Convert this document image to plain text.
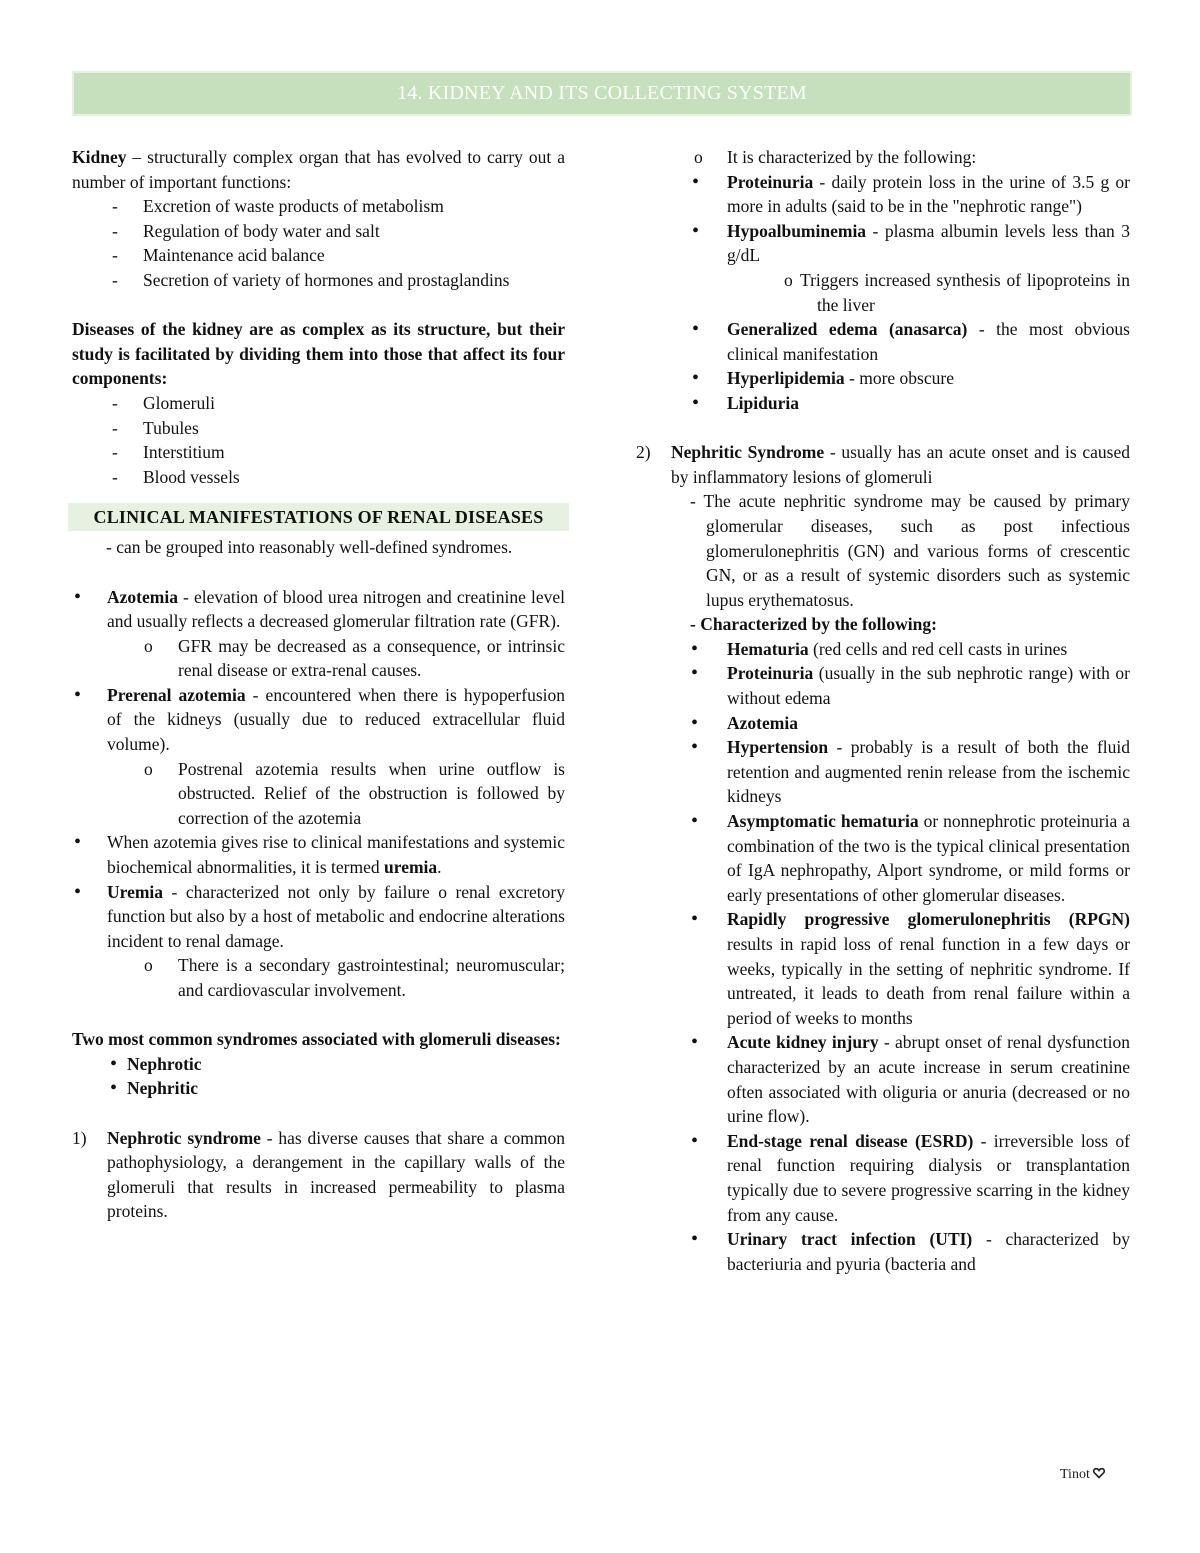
14. KIDNEY AND ITS COLLECTING SYSTEM

Kidney – structurally complex organ that has evolved to carry out a number of important functions:

- Excretion of waste products of metabolism
- Regulation of body water and salt
- Maintenance acid balance
- Secretion of variety of hormones and prostaglandins

Diseases of the kidney are as complex as its structure, but their study is facilitated by dividing them into those that affect its four components:

- Glomeruli
- Tubules
- Interstitium
- Blood vessels
CLINICAL MANIFESTATIONS OF RENAL DISEASES

- can be grouped into reasonably well-defined syndromes.

• Azotemia - elevation of blood urea nitrogen and creatinine level and usually reflects a decreased glomerular filtration rate (GFR).
o GFR may be decreased as a consequence, or intrinsic renal disease or extra-renal causes.
• Prerenal azotemia - encountered when there is hypoperfusion of the kidneys (usually due to reduced extracellular fluid volume).
o Postrenal azotemia results when urine outflow is obstructed. Relief of the obstruction is followed by correction of the azotemia
• When azotemia gives rise to clinical manifestations and systemic biochemical abnormalities, it is termed uremia.
• Uremia - characterized not only by failure o renal excretory function but also by a host of metabolic and endocrine alterations incident to renal damage.
o There is a secondary gastrointestinal; neuromuscular; and cardiovascular involvement.

Two most common syndromes associated with glomeruli diseases:

• Nephrotic
• Nephritic
1) Nephrotic syndrome - has diverse causes that share a common pathophysiology, a derangement in the capillary walls of the glomeruli that results in increased permeability to plasma proteins.
o It is characterized by the following:
• Proteinuria - daily protein loss in the urine of 3.5 g or more in adults (said to be in the "nephrotic range")
• Hypoalbuminemia - plasma albumin levels less than 3 g/dL
o Triggers increased synthesis of lipoproteins in the liver
• Generalized edema (anasarca) - the most obvious clinical manifestation
• Hyperlipidemia - more obscure
• Lipiduria
2) Nephritic Syndrome - usually has an acute onset and is caused by inflammatory lesions of glomeruli
- The acute nephritic syndrome may be caused by primary glomerular diseases, such as post infectious glomerulonephritis (GN) and various forms of crescentic GN, or as a result of systemic disorders such as systemic lupus erythematosus.
- Characterized by the following:
• Hematuria (red cells and red cell casts in urines
• Proteinuria (usually in the sub nephrotic range) with or without edema
• Azotemia
• Hypertension - probably is a result of both the fluid retention and augmented renin release from the ischemic kidneys
• Asymptomatic hematuria or nonnephrotic proteinuria a combination of the two is the typical clinical presentation of IgA nephropathy, Alport syndrome, or mild forms or early presentations of other glomerular diseases.
• Rapidly progressive glomerulonephritis (RPGN) results in rapid loss of renal function in a few days or weeks, typically in the setting of nephritic syndrome. If untreated, it leads to death from renal failure within a period of weeks to months
• Acute kidney injury - abrupt onset of renal dysfunction characterized by an acute increase in serum creatinine often associated with oliguria or anuria (decreased or no urine flow).
• End-stage renal disease (ESRD) - irreversible loss of renal function requiring dialysis or transplantation typically due to severe progressive scarring in the kidney from any cause.
• Urinary tract infection (UTI) - characterized by bacteriuria and pyuria (bacteria and
Tinot
